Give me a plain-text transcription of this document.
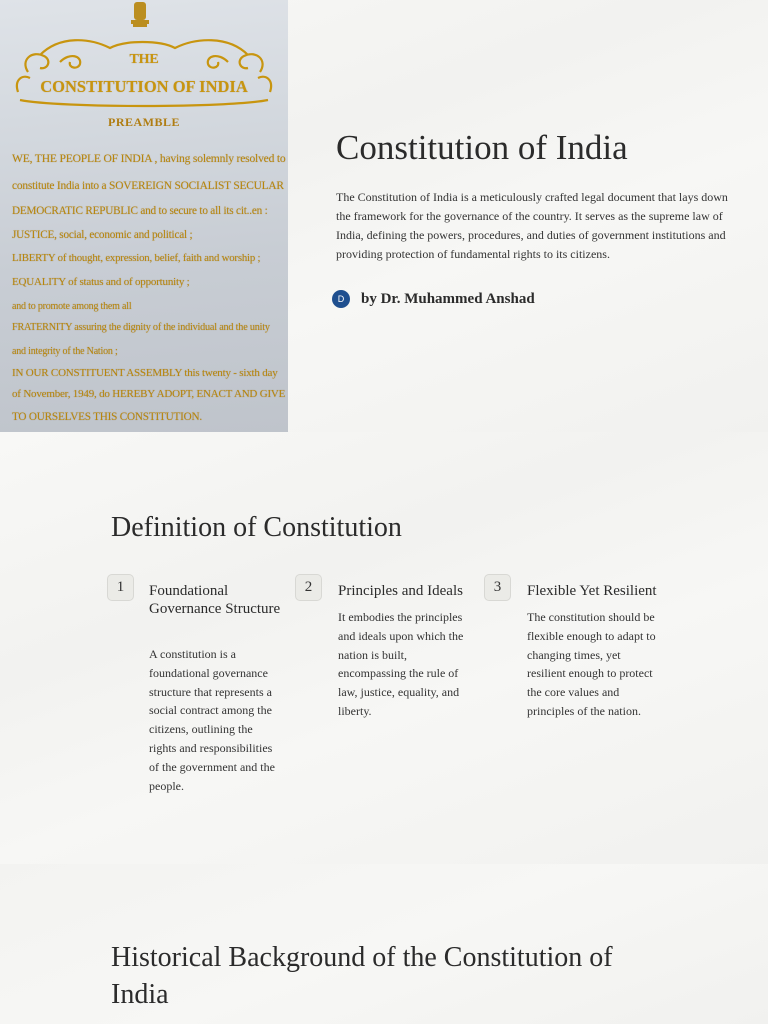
THE
CONSTITUTION OF INDIA
PREAMBLE
WE, THE PEOPLE OF INDIA , having solemnly resolved to
constitute India into a SOVEREIGN SOCIALIST SECULAR
DEMOCRATIC REPUBLIC and to secure to all its cit..en :
JUSTICE, social, economic and political ;
LIBERTY of thought, expression, belief, faith and worship ;
EQUALITY of status and of opportunity ;
and to promote among them all
FRATERNITY assuring the dignity of the individual and the unity
and integrity of the Nation ;
IN OUR CONSTITUENT ASSEMBLY this twenty - sixth day
of November, 1949, do HEREBY ADOPT, ENACT AND GIVE
TO OURSELVES THIS CONSTITUTION.
Constitution of India

The Constitution of India is a meticulously crafted legal document that lays down the framework for the governance of the country. It serves as the supreme law of India, defining the powers, procedures, and duties of government institutions and providing protection of fundamental rights to its citizens.

D	by Dr. Muhammed Anshad
Definition of Constitution
1	Foundational Governance Structure

A constitution is a foundational governance structure that represents a social contract among the citizens, outlining the rights and responsibilities of the government and the people.

2	Principles and Ideals

It embodies the principles and ideals upon which the nation is built, encompassing the rule of law, justice, equality, and liberty.

3	Flexible Yet Resilient

The constitution should be flexible enough to adapt to changing times, yet resilient enough to protect the core values and principles of the nation.

Historical Background of the Constitution of India
